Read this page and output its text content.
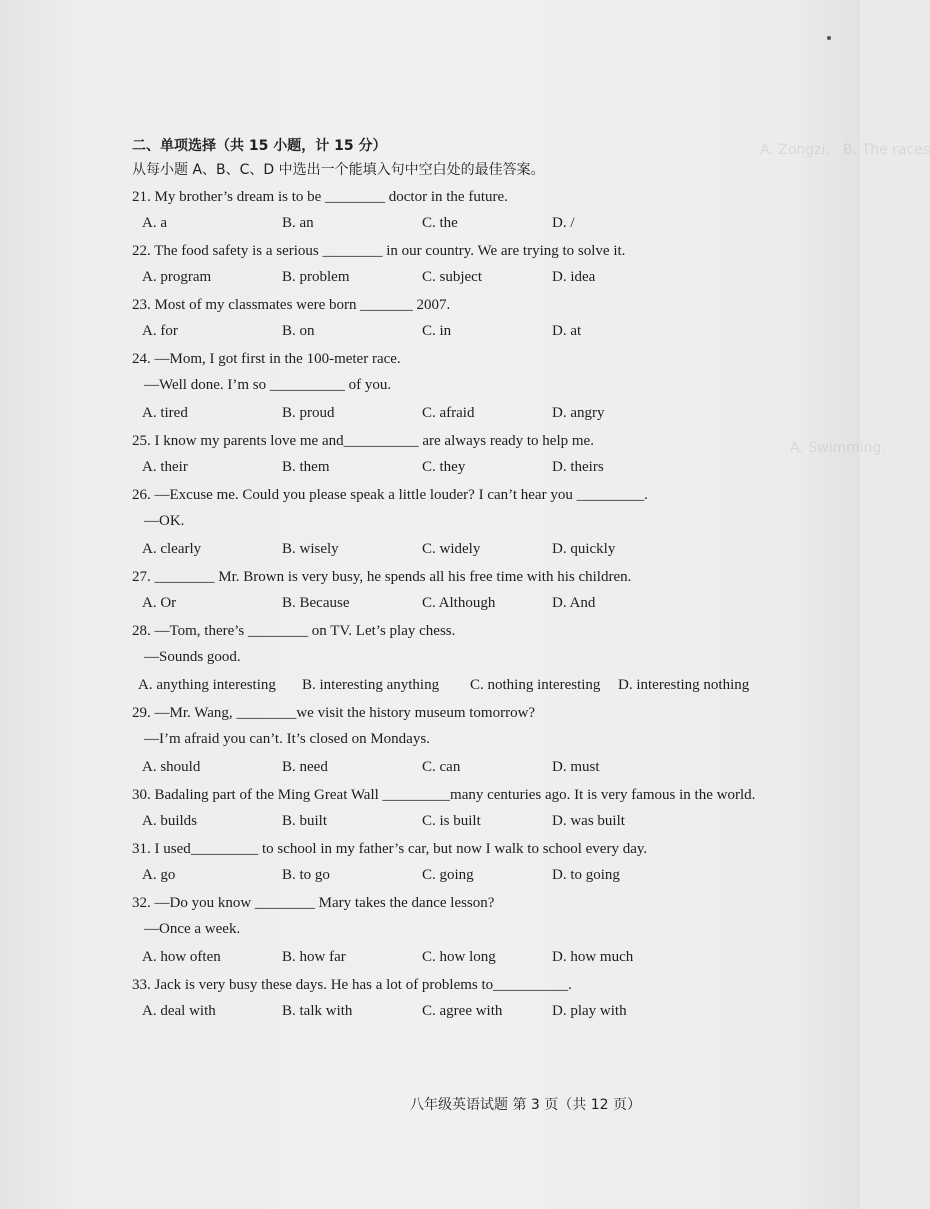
A. Zongzi.   B. The races
A. Swimming.
二、单项选择（共 15 小题，计 15 分）
从每小题 A、B、C、D 中选出一个能填入句中空白处的最佳答案。
21. My brother’s dream is to be ________ doctor in the future.
A. a	B. an	C. the	D. /
22. The food safety is a serious ________ in our country. We are trying to solve it.
A. program	B. problem	C. subject	D. idea
23. Most of my classmates were born _______ 2007.
A. for	B. on	C. in	D. at
24. —Mom, I got first in the 100-meter race.
—Well done. I’m so __________ of you.
A. tired	B. proud	C. afraid	D. angry
25. I know my parents love me and__________ are always ready to help me.
A. their	B. them	C. they	D. theirs
26. —Excuse me. Could you please speak a little louder? I can’t hear you _________.
—OK.
A. clearly	B. wisely	C. widely	D. quickly
27. ________ Mr. Brown is very busy, he spends all his free time with his children.
A. Or	B. Because	C. Although	D. And
28. —Tom, there’s ________ on TV. Let’s play chess.
—Sounds good.
A. anything interesting B. interesting anything C. nothing interesting D. interesting nothing
29. —Mr. Wang, ________we visit the history museum tomorrow?
—I’m afraid you can’t. It’s closed on Mondays.
A. should	B. need	C. can	D. must
30. Badaling part of the Ming Great Wall _________many centuries ago. It is very famous in the world.
A. builds	B. built	C. is built	D. was built
31. I used_________ to school in my father’s car, but now I walk to school every day.
A. go	B. to go	C. going	D. to going
32. —Do you know ________ Mary takes the dance lesson?
—Once a week.
A. how often	B. how far	C. how long	D. how much
33. Jack is very busy these days. He has a lot of problems to__________.
A. deal with	B. talk with	C. agree with	D. play with
八年级英语试题 第 3 页（共 12 页）
